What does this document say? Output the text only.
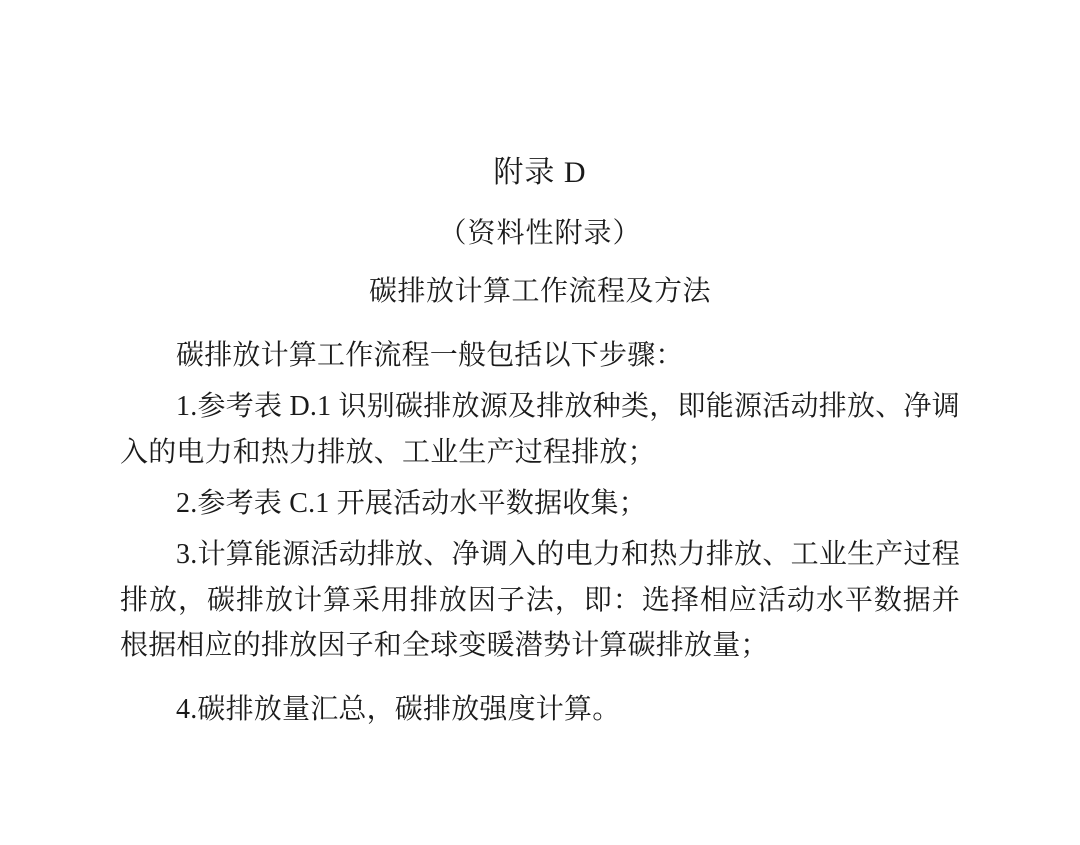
附录 D
（资料性附录）
碳排放计算工作流程及方法

碳排放计算工作流程一般包括以下步骤：

1.参考表 D.1 识别碳排放源及排放种类，即能源活动排放、净调入的电力和热力排放、工业生产过程排放；

2.参考表 C.1 开展活动水平数据收集；

3.计算能源活动排放、净调入的电力和热力排放、工业生产过程排放，碳排放计算采用排放因子法，即：选择相应活动水平数据并根据相应的排放因子和全球变暖潜势计算碳排放量；

4.碳排放量汇总，碳排放强度计算。
